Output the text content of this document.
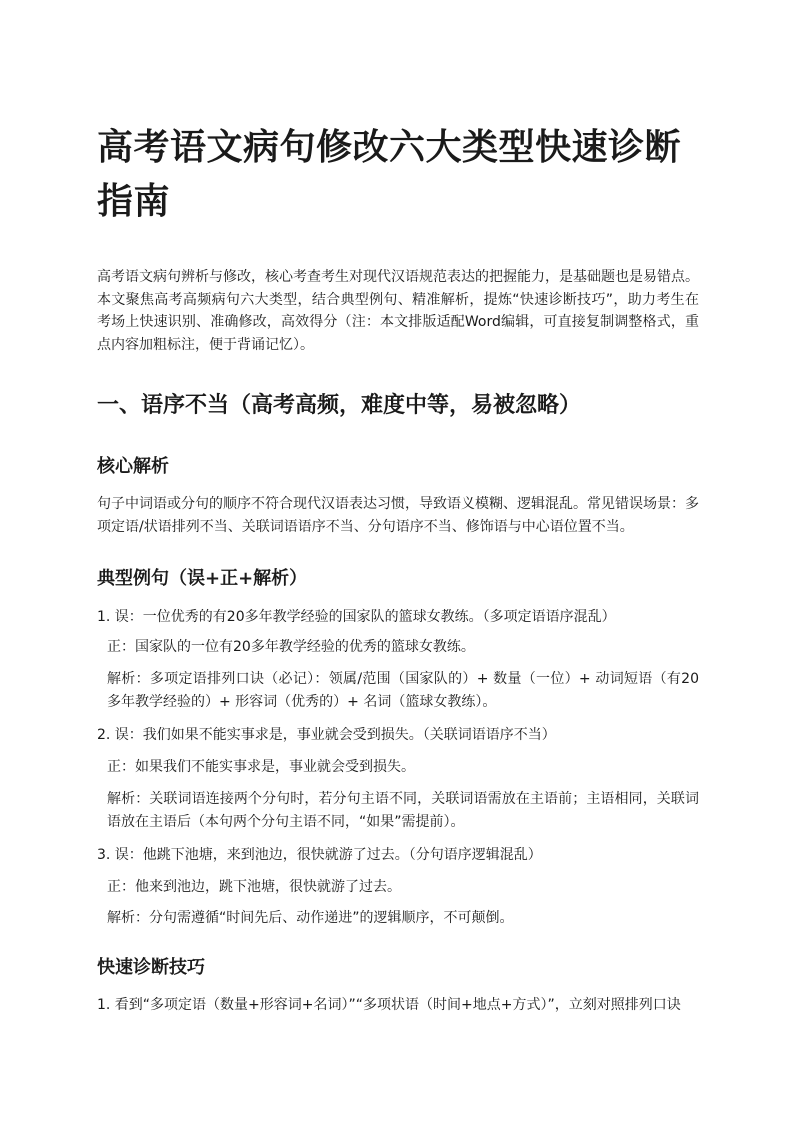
高考语文病句修改六大类型快速诊断指南

高考语文病句辨析与修改，核心考查考生对现代汉语规范表达的把握能力，是基础题也是易错点。本文聚焦高考高频病句六大类型，结合典型例句、精准解析，提炼“快速诊断技巧”，助力考生在考场上快速识别、准确修改，高效得分（注：本文排版适配Word编辑，可直接复制调整格式，重点内容加粗标注，便于背诵记忆）。

一、语序不当（高考高频，难度中等，易被忽略）
核心解析

句子中词语或分句的顺序不符合现代汉语表达习惯，导致语义模糊、逻辑混乱。常见错误场景：多项定语/状语排列不当、关联词语语序不当、分句语序不当、修饰语与中心语位置不当。

典型例句（误+正+解析）
1. 误：一位优秀的有20多年教学经验的国家队的篮球女教练。（多项定语语序混乱）
正：国家队的一位有20多年教学经验的优秀的篮球女教练。
解析：多项定语排列口诀（必记）：领属/范围（国家队的）+ 数量（一位）+ 动词短语（有20多年教学经验的）+ 形容词（优秀的）+ 名词（篮球女教练）。
2. 误：我们如果不能实事求是，事业就会受到损失。（关联词语语序不当）
正：如果我们不能实事求是，事业就会受到损失。
解析：关联词语连接两个分句时，若分句主语不同，关联词语需放在主语前；主语相同，关联词语放在主语后（本句两个分句主语不同，“如果”需提前）。
3. 误：他跳下池塘，来到池边，很快就游了过去。（分句语序逻辑混乱）
正：他来到池边，跳下池塘，很快就游了过去。
解析：分句需遵循“时间先后、动作递进”的逻辑顺序，不可颠倒。
快速诊断技巧
1. 看到“多项定语（数量+形容词+名词）”“多项状语（时间+地点+方式）”，立刻对照排列口诀
